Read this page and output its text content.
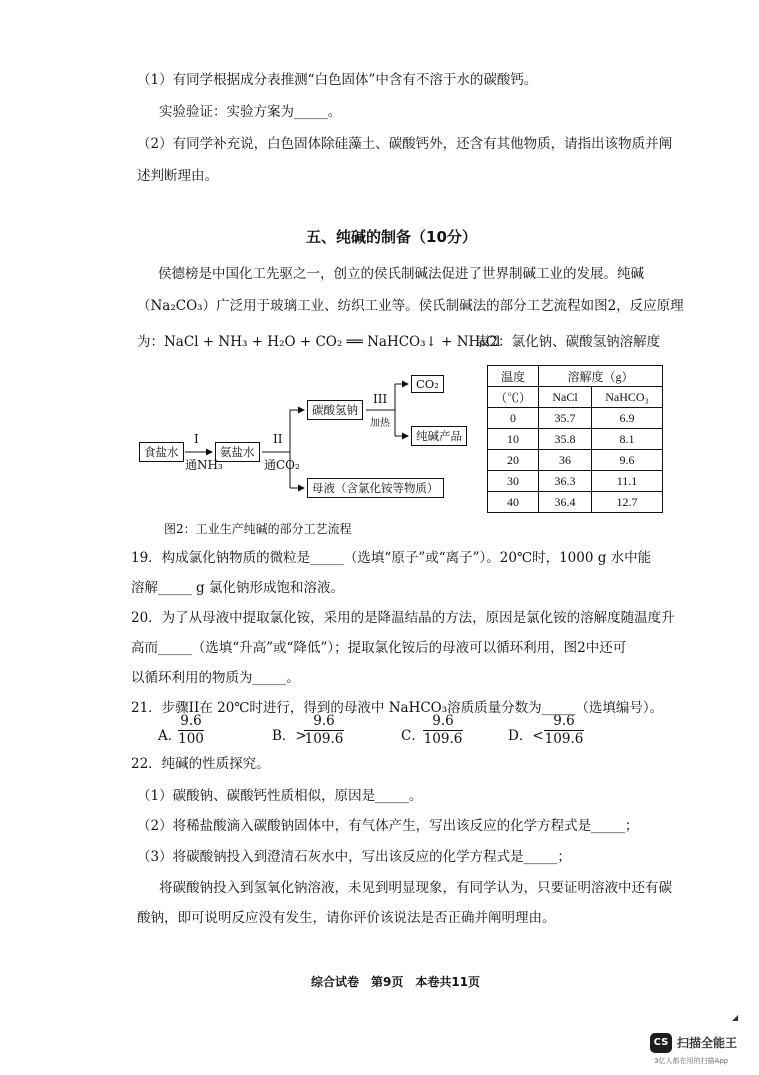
（1）有同学根据成分表推测“白色固体”中含有不溶于水的碳酸钙。
实验验证：实验方案为_____。
（2）有同学补充说，白色固体除硅藻土、碳酸钙外，还含有其他物质，请指出该物质并阐
述判断理由。
五、纯碱的制备（10分）
侯德榜是中国化工先驱之一，创立的侯氏制碱法促进了世界制碱工业的发展。纯碱
（Na₂CO₃）广泛用于玻璃工业、纺织工业等。侯氏制碱法的部分工艺流程如图2，反应原理
为：NaCl + NH₃ + H₂O + CO₂ ══ NaHCO₃↓ + NH₄Cl
表2：氯化钠、碳酸氢钠溶解度
食盐水	氨盐水
碳酸氢钠
CO₂
纯碱产品
母液（含氯化铵等物质）
I
通NH₃
II
通CO₂
III
加热
图2：工业生产纯碱的部分工艺流程
温度	溶解度（g）	
（℃）	NaCl	NaHCO₃
0	35.7	6.9
10	35.8	8.1
20	36	9.6
30	36.3	11.1
40	36.4	12.7
19．构成氯化钠物质的微粒是_____（选填“原子”或“离子”）。20℃时，1000 g 水中能
溶解_____ g 氯化钠形成饱和溶液。
20．为了从母液中提取氯化铵，采用的是降温结晶的方法，原因是氯化铵的溶解度随温度升
高而_____（选填“升高”或“降低”）；提取氯化铵后的母液可以循环利用，图2中还可
以循环利用的物质为_____。
21．步骤II在 20℃时进行，得到的母液中 NaHCO₃溶质质量分数为_____（选填编号）。
A．
9.6
100	B．>
9.6
109.6	C．
9.6
109.6	D．<
9.6
109.6
22．纯碱的性质探究。
（1）碳酸钠、碳酸钙性质相似，原因是_____。
（2）将稀盐酸滴入碳酸钠固体中，有气体产生，写出该反应的化学方程式是_____；
（3）将碳酸钠投入到澄清石灰水中，写出该反应的化学方程式是_____；
将碳酸钠投入到氢氧化钠溶液，未见到明显现象，有同学认为，只要证明溶液中还有碳
酸钠，即可说明反应没有发生，请你评价该说法是否正确并阐明理由。
综合试卷　第9页　本卷共11页
◢
CS 扫描全能王
3亿人都在用的扫描App
